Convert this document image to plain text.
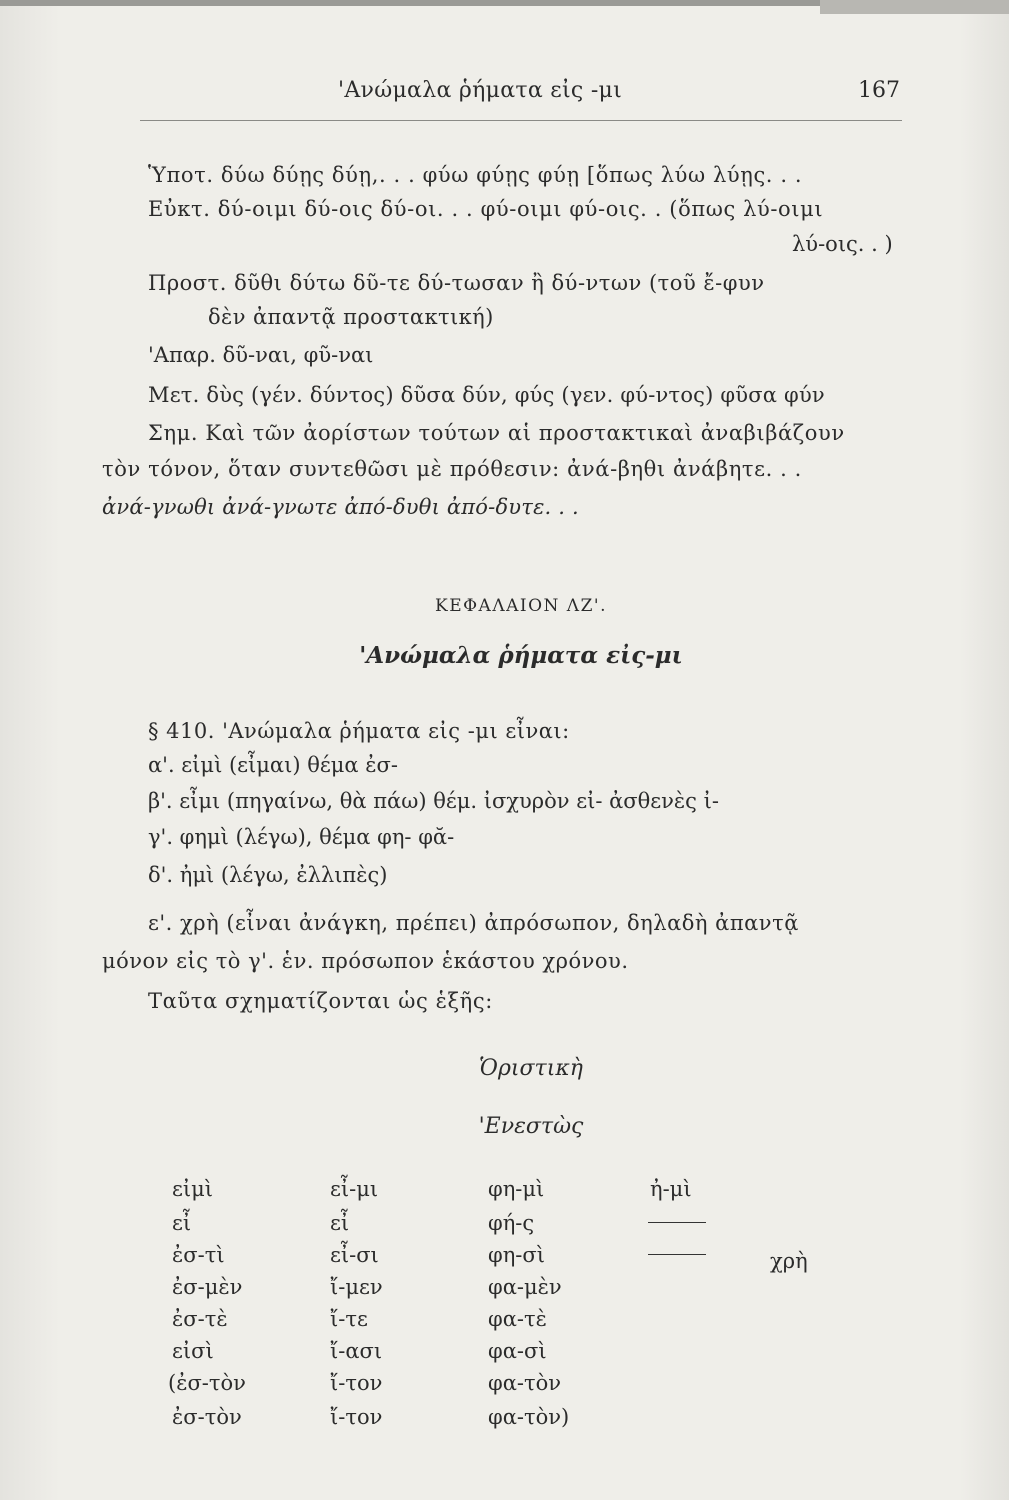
'Ανώμαλα ῥήματα εἰς -μι	167
Ὑποτ. δύω δύῃς δύῃ,. . . φύω φύῃς φύῃ [ὅπως λύω λύῃς. . .
Εὐκτ. δύ-οιμι δύ-οις δύ-οι. . . φύ-οιμι φύ-οις. . (ὅπως λύ-οιμι
λύ-οις. . )
Προστ. δῦθι δύτω δῦ-τε δύ-τωσαν ἢ δύ-ντων (τοῦ ἔ-φυν
δὲν ἀπαντᾷ προστακτική)
'Απαρ. δῦ-ναι, φῦ-ναι
Μετ. δὺς (γέν. δύντος) δῦσα δύν, φύς (γεν. φύ-ντος) φῦσα φύν
Σημ. Καὶ τῶν ἀορίστων τούτων αἱ προστακτικαὶ ἀναβιβάζουν
τὸν τόνον, ὅταν συντεθῶσι μὲ πρόθεσιν: ἀνά-βηθι ἀνάβητε. . .
ἀνά-γνωθι ἀνά-γνωτε ἀπό-δυθι ἀπό-δυτε. . .
ΚΕΦΑΛΑΙΟΝ ΛΖ'.
'Ανώμαλα ῥήματα εἰς-μι
§ 410. 'Ανώμαλα ῥήματα εἰς -μι εἶναι:
α'. εἰμὶ (εἶμαι) θέμα ἐσ-
β'. εἶμι (πηγαίνω, θὰ πάω) θέμ. ἰσχυρὸν εἰ- ἀσθενὲς ἰ-
γ'. φημὶ (λέγω), θέμα φη- φᾰ-
δ'. ἠμὶ (λέγω, ἐλλιπὲς)
ε'. χρὴ (εἶναι ἀνάγκη, πρέπει) ἀπρόσωπον, δηλαδὴ ἀπαντᾷ
μόνον εἰς τὸ γ'. ἑν. πρόσωπον ἑκάστου χρόνου.
Ταῦτα σχηματίζονται ὡς ἑξῆς:
Ὁριστικὴ
'Ενεστὼς
εἰμὶ
εἶ
ἐσ-τὶ
ἐσ-μὲν
ἐσ-τὲ
εἰσὶ
(ἐσ-τὸν
ἐσ-τὸν
εἶ-μι
εἶ
εἶ-σι
ἴ-μεν
ἴ-τε
ἴ-ασι
ἴ-τον
ἴ-τον
φη-μὶ
φή-ς
φη-σὶ
φα-μὲν
φα-τὲ
φα-σὶ
φα-τὸν
φα-τὸν)
ἠ-μὶ
χρὴ
